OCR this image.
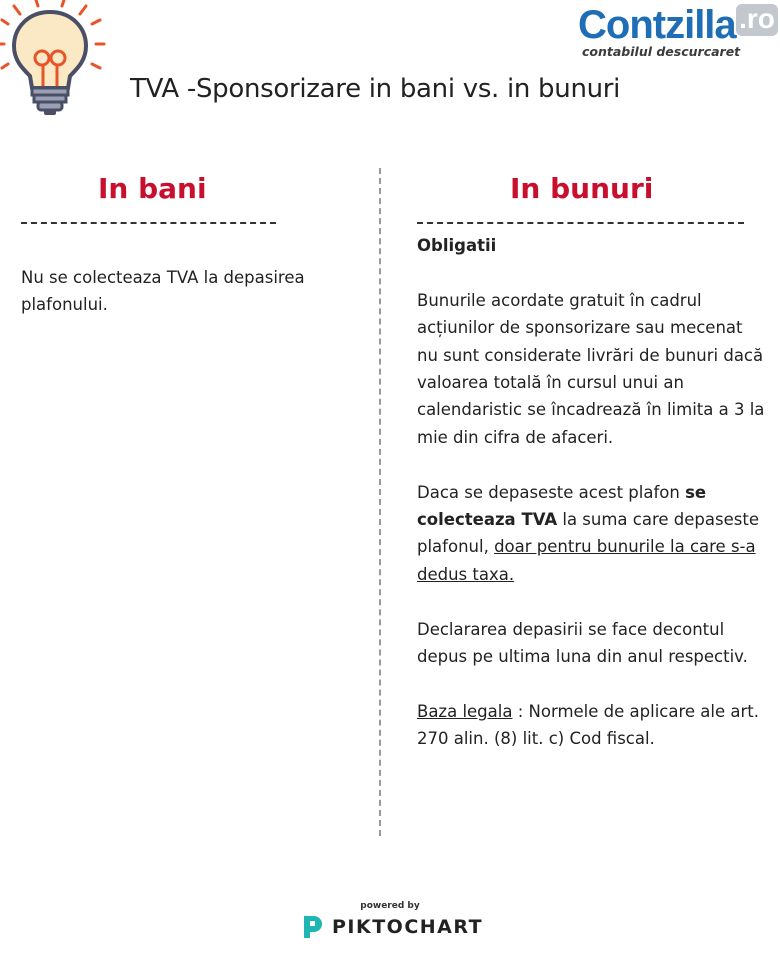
Contzilla .ro
contabilul descurcaret
TVA -Sponsorizare in bani vs. in bunuri
In bani
Nu se colecteaza TVA la depasirea plafonului.
In bunuri
Obligatii
Bunurile acordate gratuit în cadrul acțiunilor de sponsorizare sau mecenat nu sunt considerate livrări de bunuri dacă valoarea totală în cursul unui an calendaristic se încadrează în limita a 3 la mie din cifra de afaceri.
Daca se depaseste acest plafon se colecteaza TVA la suma care depaseste plafonul, doar pentru bunurile la care s-a dedus taxa.
Declararea depasirii se face decontul depus pe ultima luna din anul respectiv.
Baza legala : Normele de aplicare ale art. 270 alin. (8) lit. c) Cod fiscal.
powered by
PIKTOCHART
